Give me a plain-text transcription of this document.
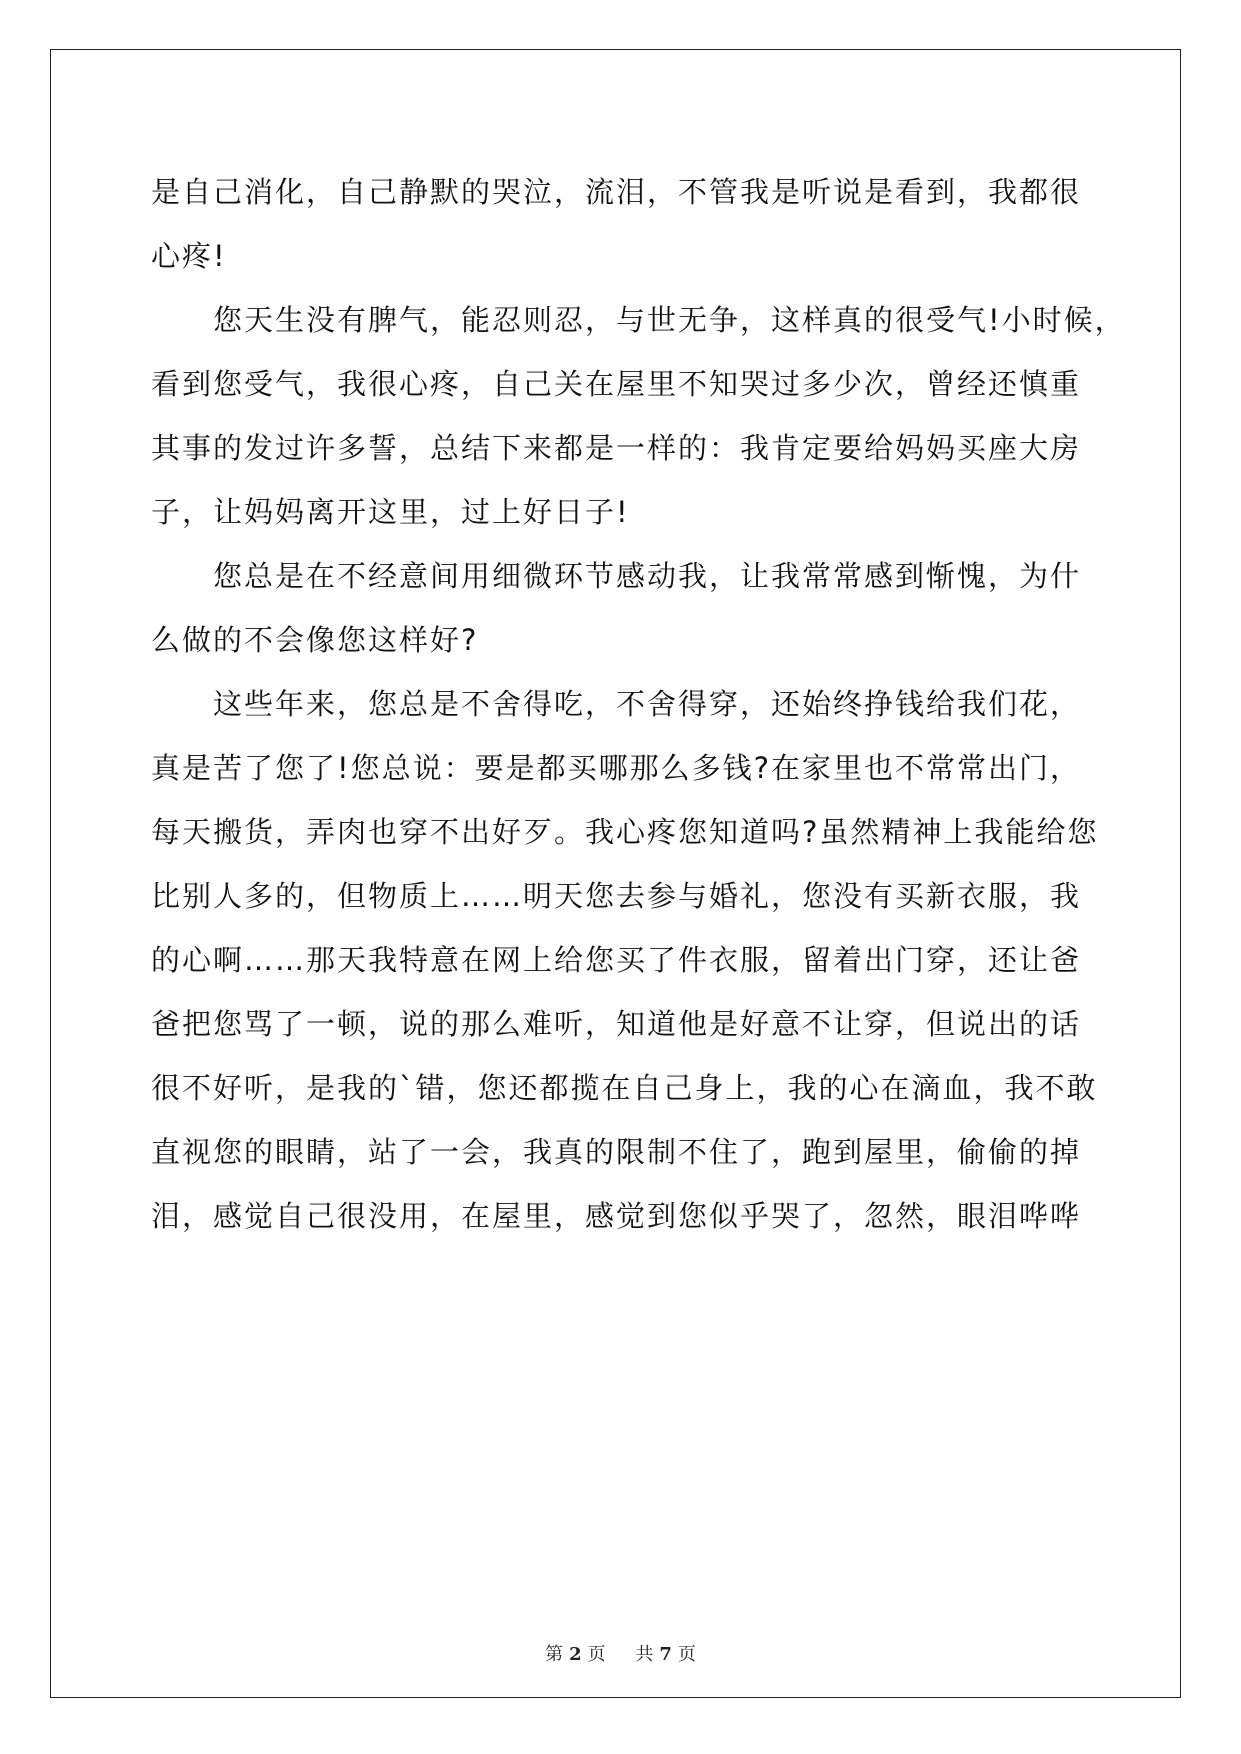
是自己消化，自己静默的哭泣，流泪，不管我是听说是看到，我都很
心疼!
　　您天生没有脾气，能忍则忍，与世无争，这样真的很受气!小时候，
看到您受气，我很心疼，自己关在屋里不知哭过多少次，曾经还慎重
其事的发过许多誓，总结下来都是一样的：我肯定要给妈妈买座大房
子，让妈妈离开这里，过上好日子!
　　您总是在不经意间用细微环节感动我，让我常常感到惭愧，为什
么做的不会像您这样好?
　　这些年来，您总是不舍得吃，不舍得穿，还始终挣钱给我们花，
真是苦了您了!您总说：要是都买哪那么多钱?在家里也不常常出门，
每天搬货，弄肉也穿不出好歹。我心疼您知道吗?虽然精神上我能给您
比别人多的，但物质上……明天您去参与婚礼，您没有买新衣服，我
的心啊……那天我特意在网上给您买了件衣服，留着出门穿，还让爸
爸把您骂了一顿，说的那么难听，知道他是好意不让穿，但说出的话
很不好听，是我的`错，您还都揽在自己身上，我的心在滴血，我不敢
直视您的眼睛，站了一会，我真的限制不住了，跑到屋里，偷偷的掉
泪，感觉自己很没用，在屋里，感觉到您似乎哭了，忽然，眼泪哗哗
第 2 页 共 7 页
